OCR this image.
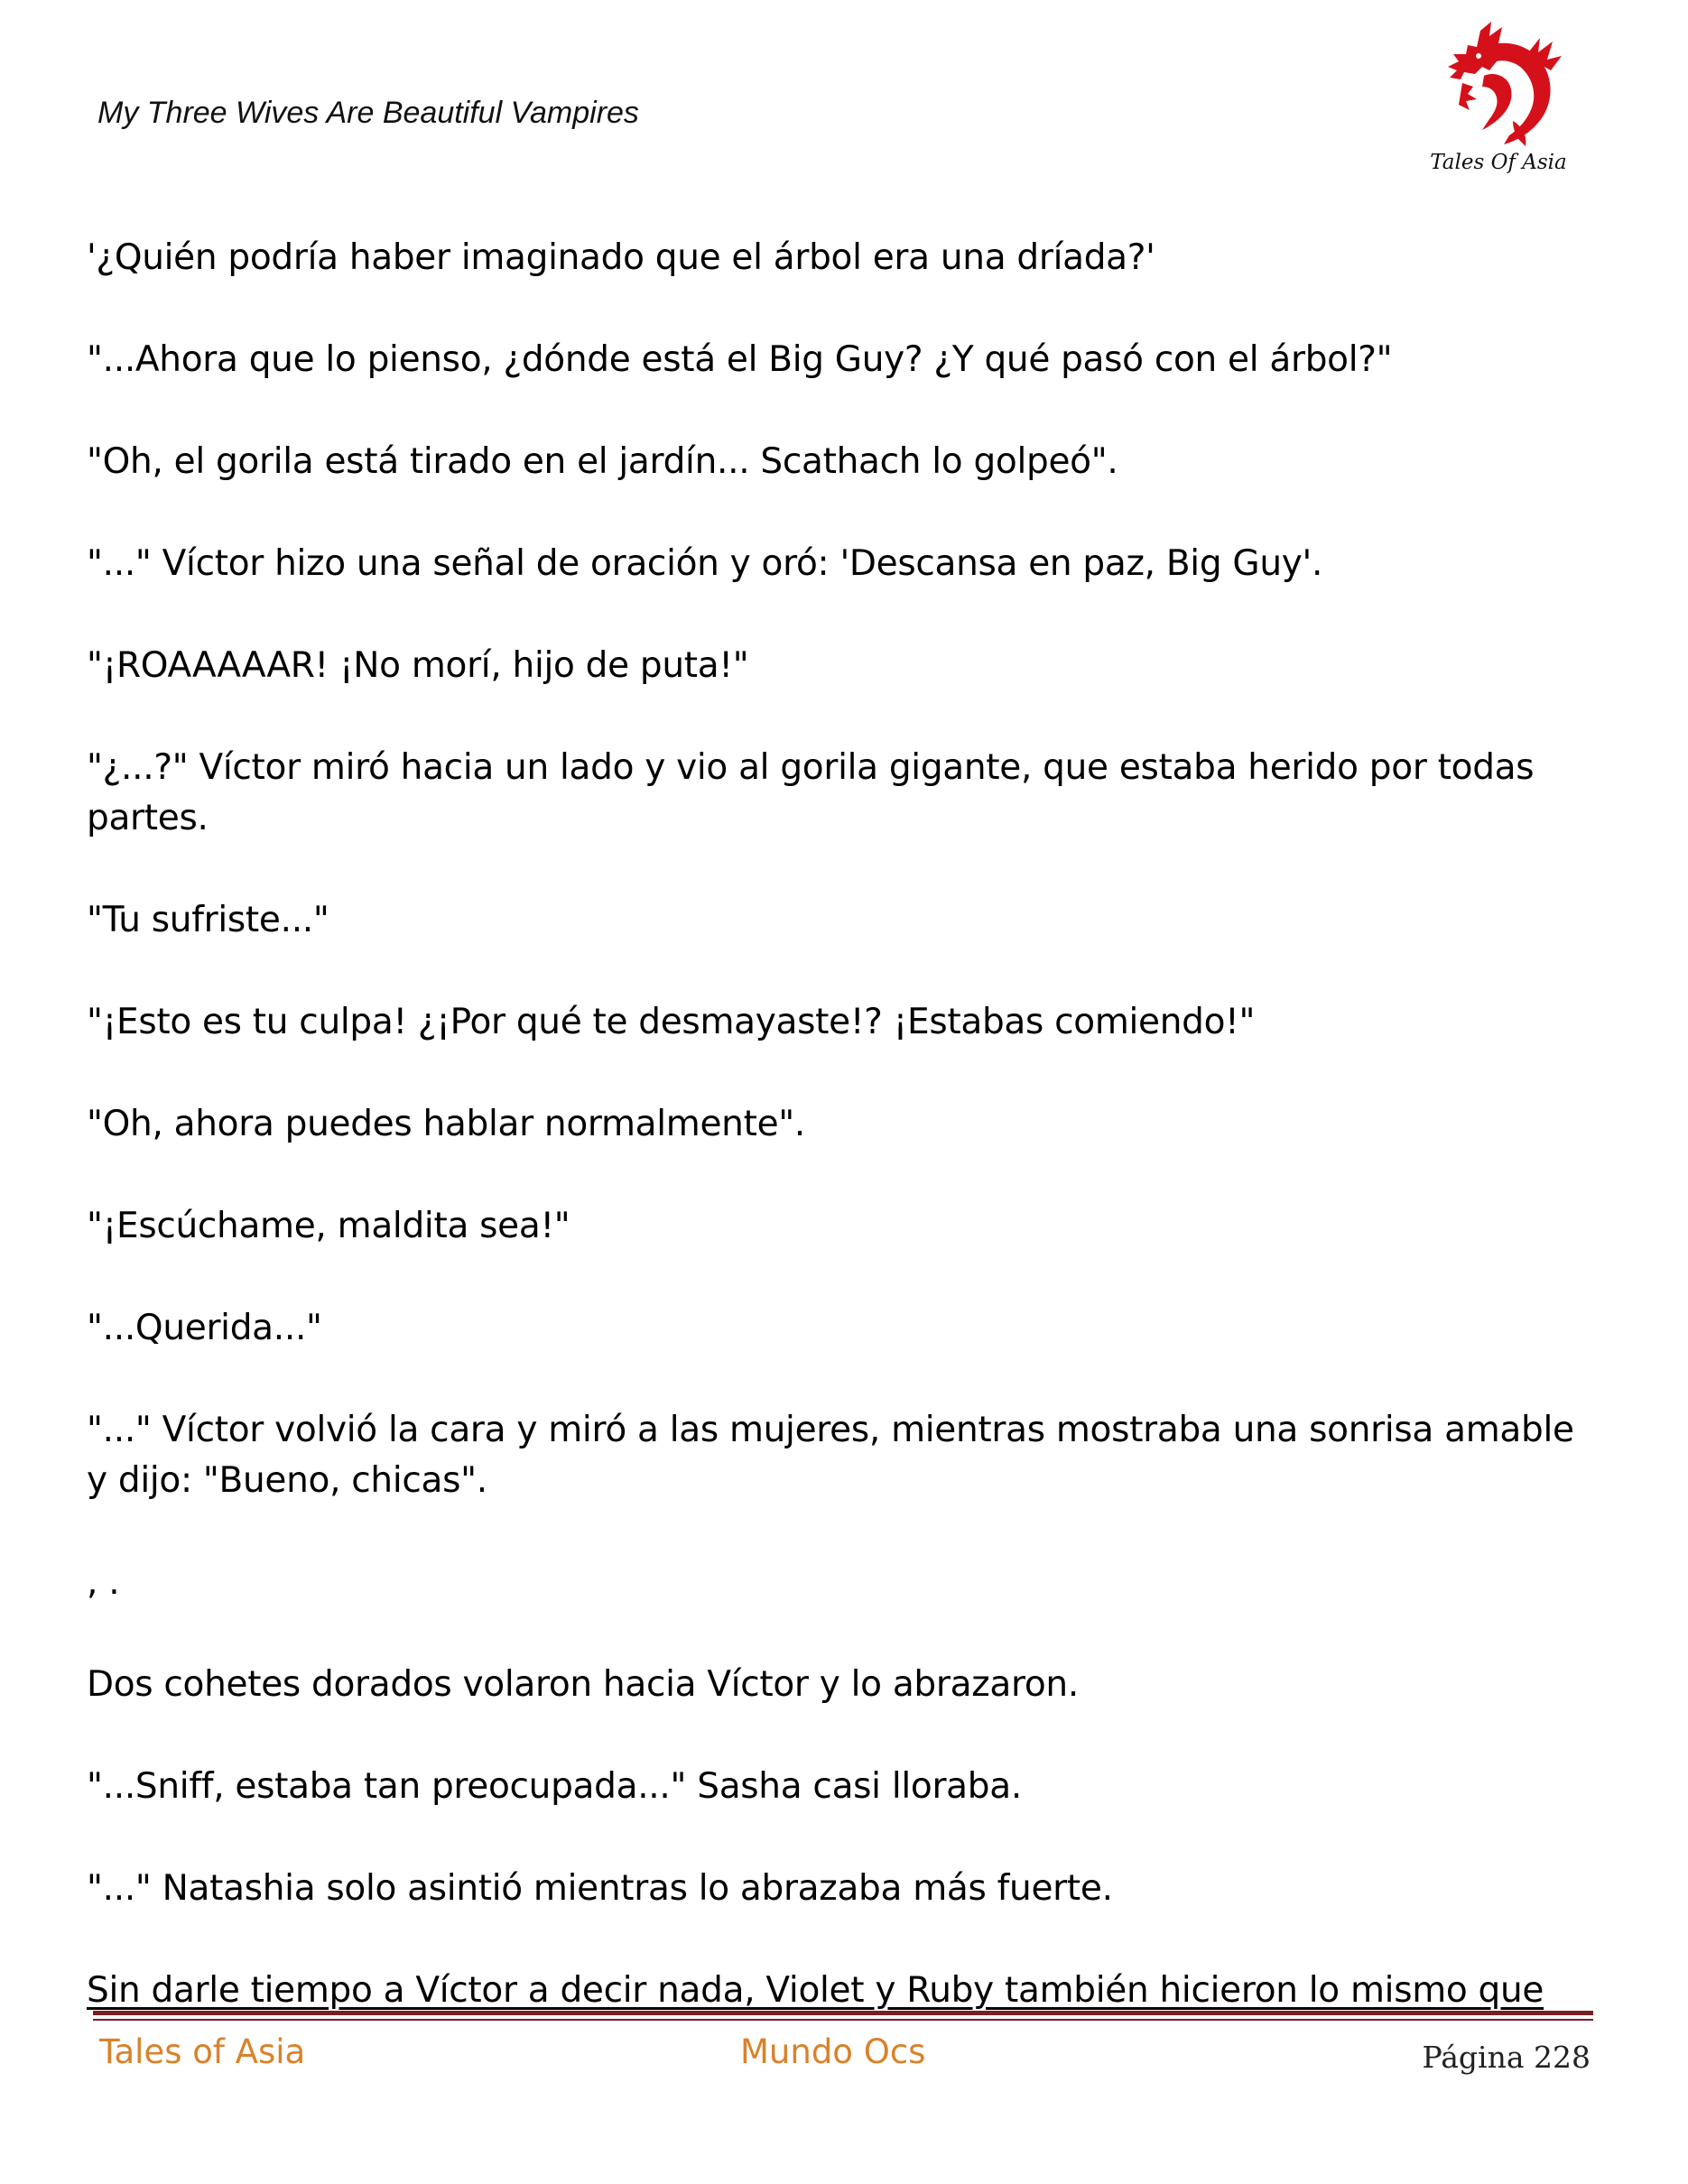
My Three Wives Are Beautiful Vampires
Tales Of Asia

'¿Quién podría haber imaginado que el árbol era una dríada?'

"...Ahora que lo pienso, ¿dónde está el Big Guy? ¿Y qué pasó con el árbol?"

"Oh, el gorila está tirado en el jardín... Scathach lo golpeó".

"..." Víctor hizo una señal de oración y oró: 'Descansa en paz, Big Guy'.

"¡ROAAAAAR! ¡No morí, hijo de puta!"

"¿...?" Víctor miró hacia un lado y vio al gorila gigante, que estaba herido por todas partes.

"Tu sufriste..."

"¡Esto es tu culpa! ¿¡Por qué te desmayaste!? ¡Estabas comiendo!"

"Oh, ahora puedes hablar normalmente".

"¡Escúchame, maldita sea!"

"...Querida..."

"..." Víctor volvió la cara y miró a las mujeres, mientras mostraba una sonrisa amable y dijo: "Bueno, chicas".

, .

Dos cohetes dorados volaron hacia Víctor y lo abrazaron.

"...Sniff, estaba tan preocupada..." Sasha casi lloraba.

"..." Natashia solo asintió mientras lo abrazaba más fuerte.

Sin darle tiempo a Víctor a decir nada, Violet y Ruby también hicieron lo mismo que

Tales of Asia	Mundo Ocs	Página 228
